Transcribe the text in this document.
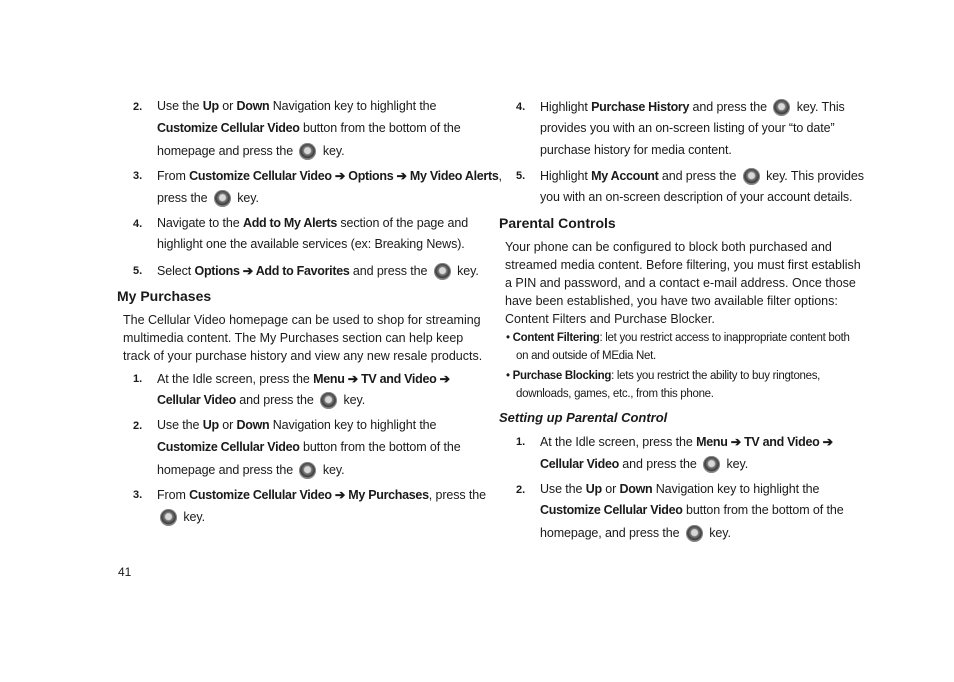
2. Use the Up or Down Navigation key to highlight the
Customize Cellular Video button from the bottom of the
homepage and press the  key.
3. From Customize Cellular Video ➔ Options ➔ My Video Alerts,
press the  key.
4. Navigate to the Add to My Alerts section of the page and
highlight one the available services (ex: Breaking News).
5. Select Options ➔ Add to Favorites and press the  key.
My Purchases
The Cellular Video homepage can be used to shop for streaming
multimedia content. The My Purchases section can help keep
track of your purchase history and view any new resale products.
1. At the Idle screen, press the Menu ➔ TV and Video ➔
Cellular Video and press the  key.
2. Use the Up or Down Navigation key to highlight the
Customize Cellular Video button from the bottom of the
homepage and press the  key.
3. From Customize Cellular Video ➔ My Purchases, press the
key.
41
4. Highlight Purchase History and press the  key. This
provides you with an on-screen listing of your “to date”
purchase history for media content.
5. Highlight My Account and press the  key. This provides
you with an on-screen description of your account details.
Parental Controls
Your phone can be configured to block both purchased and
streamed media content. Before filtering, you must first establish
a PIN and password, and a contact e-mail address. Once those
have been established, you have two available filter options:
Content Filters and Purchase Blocker.
• Content Filtering: let you restrict access to inappropriate content both
on and outside of MEdia Net.
• Purchase Blocking: lets you restrict the ability to buy ringtones,
downloads, games, etc., from this phone.
Setting up Parental Control
1. At the Idle screen, press the Menu ➔ TV and Video ➔
Cellular Video and press the  key.
2. Use the Up or Down Navigation key to highlight the
Customize Cellular Video button from the bottom of the
homepage, and press the  key.
